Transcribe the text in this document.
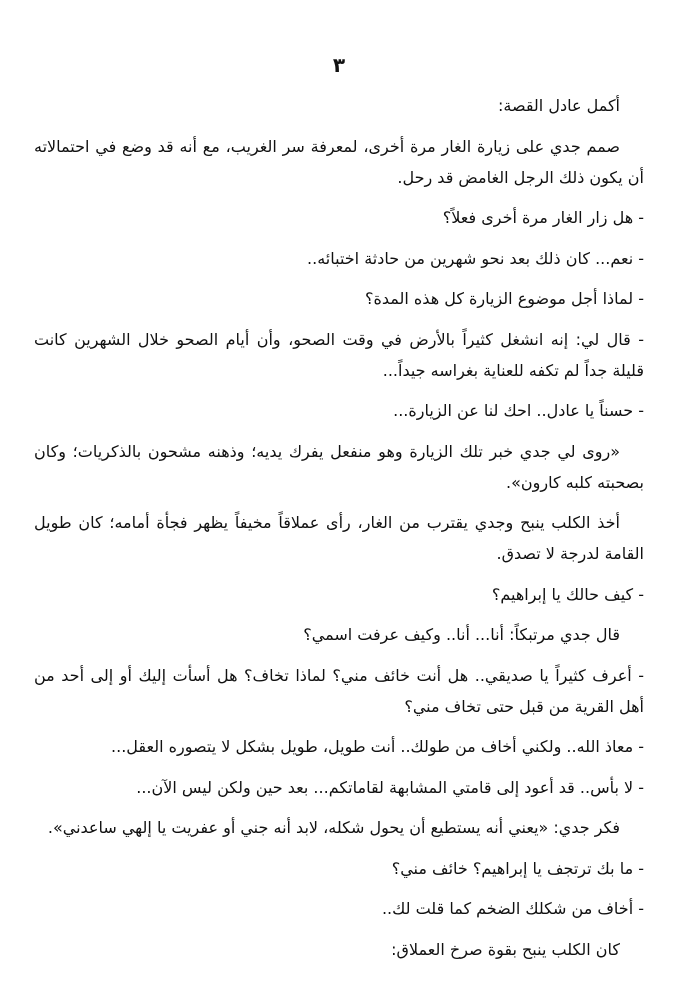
٣

أكمل عادل القصة:

صمم جدي على زيارة الغار مرة أخرى، لمعرفة سر الغريب، مع أنه قد وضع في احتمالاته أن يكون ذلك الرجل الغامض قد رحل.

- هل زار الغار مرة أخرى فعلاً؟

- نعم... كان ذلك بعد نحو شهرين من حادثة اختبائه..

- لماذا أجل موضوع الزيارة كل هذه المدة؟

- قال لي: إنه انشغل كثيراً بالأرض في وقت الصحو، وأن أيام الصحو خلال الشهرين كانت قليلة جداً لم تكفه للعناية بغراسه جيداً...

- حسناً يا عادل.. احك لنا عن الزيارة...

«روى لي جدي خبر تلك الزيارة وهو منفعل يفرك يديه؛ وذهنه مشحون بالذكريات؛ وكان بصحبته كلبه كارون».

أخذ الكلب ينبح وجدي يقترب من الغار، رأى عملاقاً مخيفاً يظهر فجأة أمامه؛ كان طويل القامة لدرجة لا تصدق.

- كيف حالك يا إبراهيم؟

قال جدي مرتبكاً: أنا... أنا.. وكيف عرفت اسمي؟

- أعرف كثيراً يا صديقي.. هل أنت خائف مني؟ لماذا تخاف؟ هل أسأت إليك أو إلى أحد من أهل القرية من قبل حتى تخاف مني؟

- معاذ الله.. ولكني أخاف من طولك.. أنت طويل، طويل بشكل لا يتصوره العقل...

- لا بأس.. قد أعود إلى قامتي المشابهة لقاماتكم... بعد حين ولكن ليس الآن...

فكر جدي: «يعني أنه يستطيع أن يحول شكله، لابد أنه جني أو عفريت يا إلهي ساعدني».

- ما بك ترتجف يا إبراهيم؟ خائف مني؟

- أخاف من شكلك الضخم كما قلت لك..

كان الكلب ينبح بقوة صرخ العملاق:
